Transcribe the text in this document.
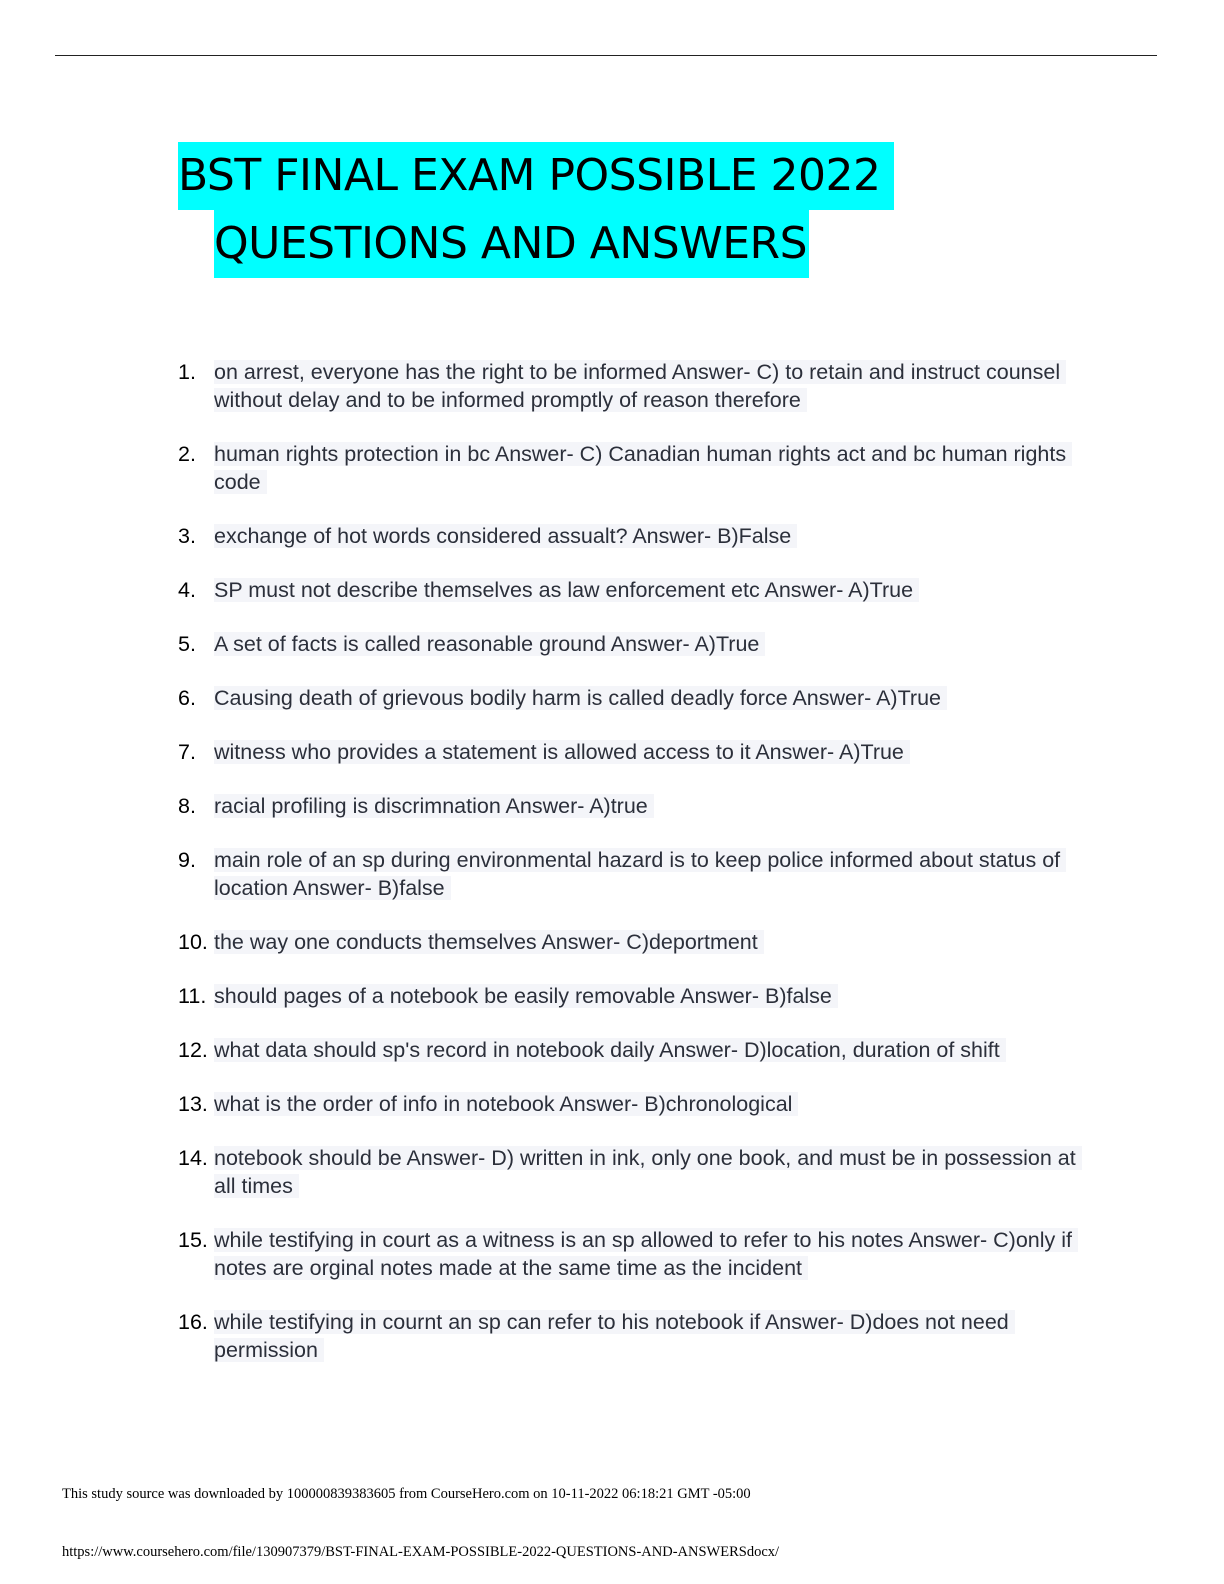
BST FINAL EXAM POSSIBLE 2022
QUESTIONS AND ANSWERS
1. on arrest, everyone has the right to be informed Answer- C) to retain and instruct counsel without delay and to be informed promptly of reason therefore
2. human rights protection in bc Answer- C) Canadian human rights act and bc human rights code
3. exchange of hot words considered assualt? Answer- B)False
4. SP must not describe themselves as law enforcement etc Answer- A)True
5. A set of facts is called reasonable ground Answer- A)True
6. Causing death of grievous bodily harm is called deadly force Answer- A)True
7. witness who provides a statement is allowed access to it Answer- A)True
8. racial profiling is discrimnation Answer- A)true
9. main role of an sp during environmental hazard is to keep police informed about status of location Answer- B)false
10. the way one conducts themselves Answer- C)deportment
11. should pages of a notebook be easily removable Answer- B)false
12. what data should sp's record in notebook daily Answer- D)location, duration of shift
13. what is the order of info in notebook Answer- B)chronological
14. notebook should be Answer- D) written in ink, only one book, and must be in possession at all times
15. while testifying in court as a witness is an sp allowed to refer to his notes Answer- C)only if notes are orginal notes made at the same time as the incident
16. while testifying in cournt an sp can refer to his notebook if Answer- D)does not need permission
This study source was downloaded by 100000839383605 from CourseHero.com on 10-11-2022 06:18:21 GMT -05:00
https://www.coursehero.com/file/130907379/BST-FINAL-EXAM-POSSIBLE-2022-QUESTIONS-AND-ANSWERSdocx/
